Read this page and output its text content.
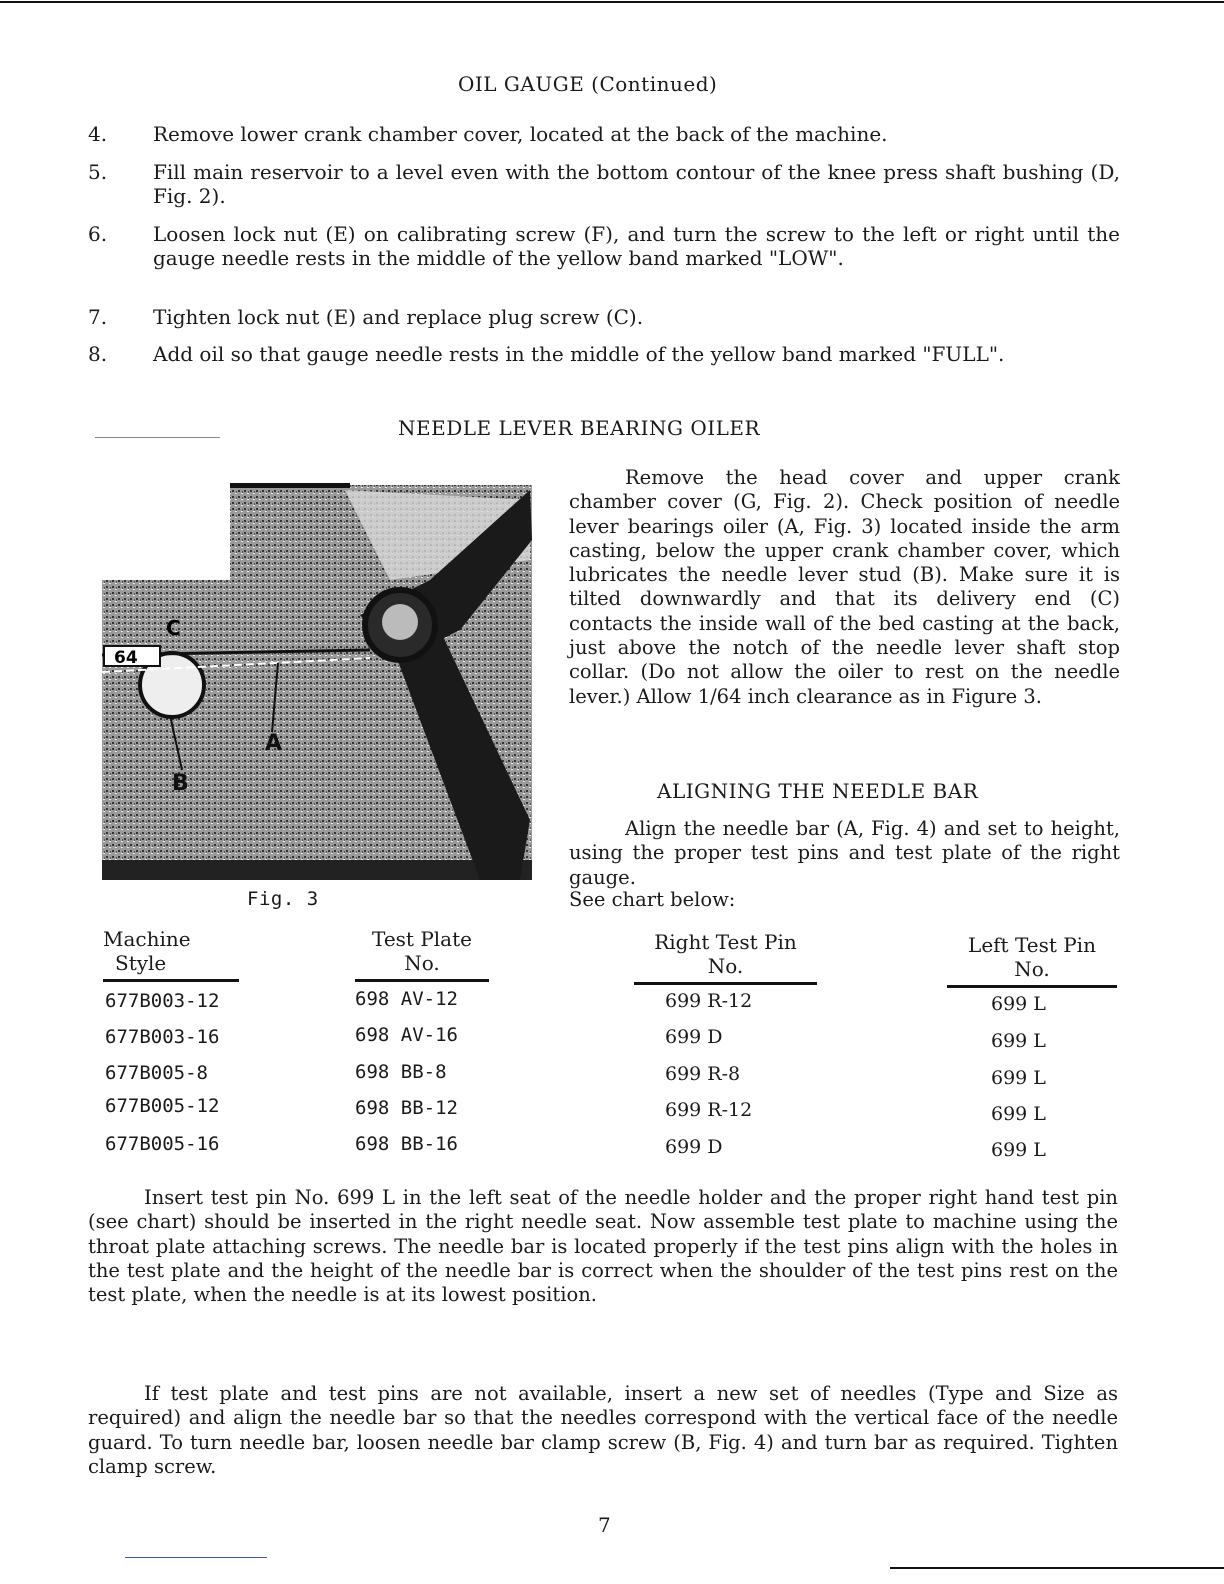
OIL GAUGE (Continued)
4. Remove lower crank chamber cover, located at the back of the machine.
5. Fill main reservoir to a level even with the bottom contour of the knee press shaft bushing (D, Fig. 2).
6. Loosen lock nut (E) on calibrating screw (F), and turn the screw to the left or right until the gauge needle rests in the middle of the yellow band marked "LOW".
7. Tighten lock nut (E) and replace plug screw (C).
8. Add oil so that gauge needle rests in the middle of the yellow band marked "FULL".
NEEDLE LEVER BEARING OILER
64
C
A
B
Fig. 3
Remove the head cover and upper crank chamber cover (G, Fig. 2). Check position of needle lever bearings oiler (A, Fig. 3) located inside the arm casting, below the upper crank chamber cover, which lubricates the needle lever stud (B). Make sure it is tilted downwardly and that its delivery end (C) contacts the inside wall of the bed casting at the back, just above the notch of the needle lever shaft stop collar. (Do not allow the oiler to rest on the needle lever.) Allow 1/64 inch clearance as in Figure 3.
ALIGNING THE NEEDLE BAR
Align the needle bar (A, Fig. 4) and set to height, using the proper test pins and test plate of the right gauge.
See chart below:
Machine
Style
Test Plate
No.
Right Test Pin
No.
Left Test Pin
No.
677B003-12	698 AV-12	699 R-12	699 L
677B003-16	698 AV-16	699 D	699 L
677B005-8	698 BB-8	699 R-8	699 L
677B005-12	698 BB-12	699 R-12	699 L
677B005-16	698 BB-16	699 D	699 L
Insert test pin No. 699 L in the left seat of the needle holder and the proper right hand test pin (see chart) should be inserted in the right needle seat. Now assemble test plate to machine using the throat plate attaching screws. The needle bar is located properly if the test pins align with the holes in the test plate and the height of the needle bar is correct when the shoulder of the test pins rest on the test plate, when the needle is at its lowest position.
If test plate and test pins are not available, insert a new set of needles (Type and Size as required) and align the needle bar so that the needles correspond with the vertical face of the needle guard. To turn needle bar, loosen needle bar clamp screw (B, Fig. 4) and turn bar as required. Tighten clamp screw.
7
